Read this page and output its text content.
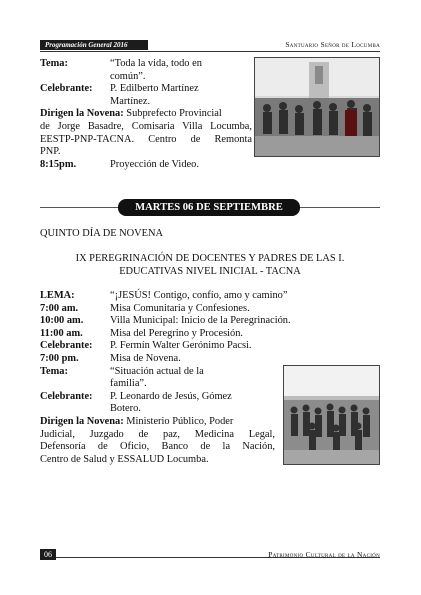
Programación General 2016	Santuario Señor de Locumba
Tema:	“Toda la vida, todo en
común”.
Celebrante: P. Edilberto Martínez
Martínez.
Dirigen la Novena: Subprefecto Provincial
de Jorge Basadre, Comisaria Villa Locumba,
EESTP-PNP-TACNA. Centro de Remonta
PNP.
8:15pm.	Proyección de Video.
MARTES 06 DE SEPTIEMBRE
QUINTO DÍA DE NOVENA
IX PEREGRINACIÓN DE DOCENTES Y PADRES DE LAS I.
EDUCATIVAS NIVEL INICIAL - TACNA
LEMA:	“¡JESÚS! Contigo, confío, amo y camino”
7:00 am.	Misa Comunitaria y Confesiones.
10:00 am.	Villa Municipal: Inicio de la Peregrinación.
11:00 am.	Misa del Peregrino y Procesión.
Celebrante: P. Fermín Walter Gerónimo Pacsi.
7:00 pm.	Misa de Novena.
Tema:	“Situación actual de la
familia”.
Celebrante: P. Leonardo de Jesús, Gómez
Botero.
Dirigen la Novena: Ministerio Público, Poder
Judicial, Juzgado de paz, Medicina Legal,
Defensoría de Oficio, Banco de la Nación,
Centro de Salud y ESSALUD Locumba.
06	Patrimonio Cultural de la Nación
